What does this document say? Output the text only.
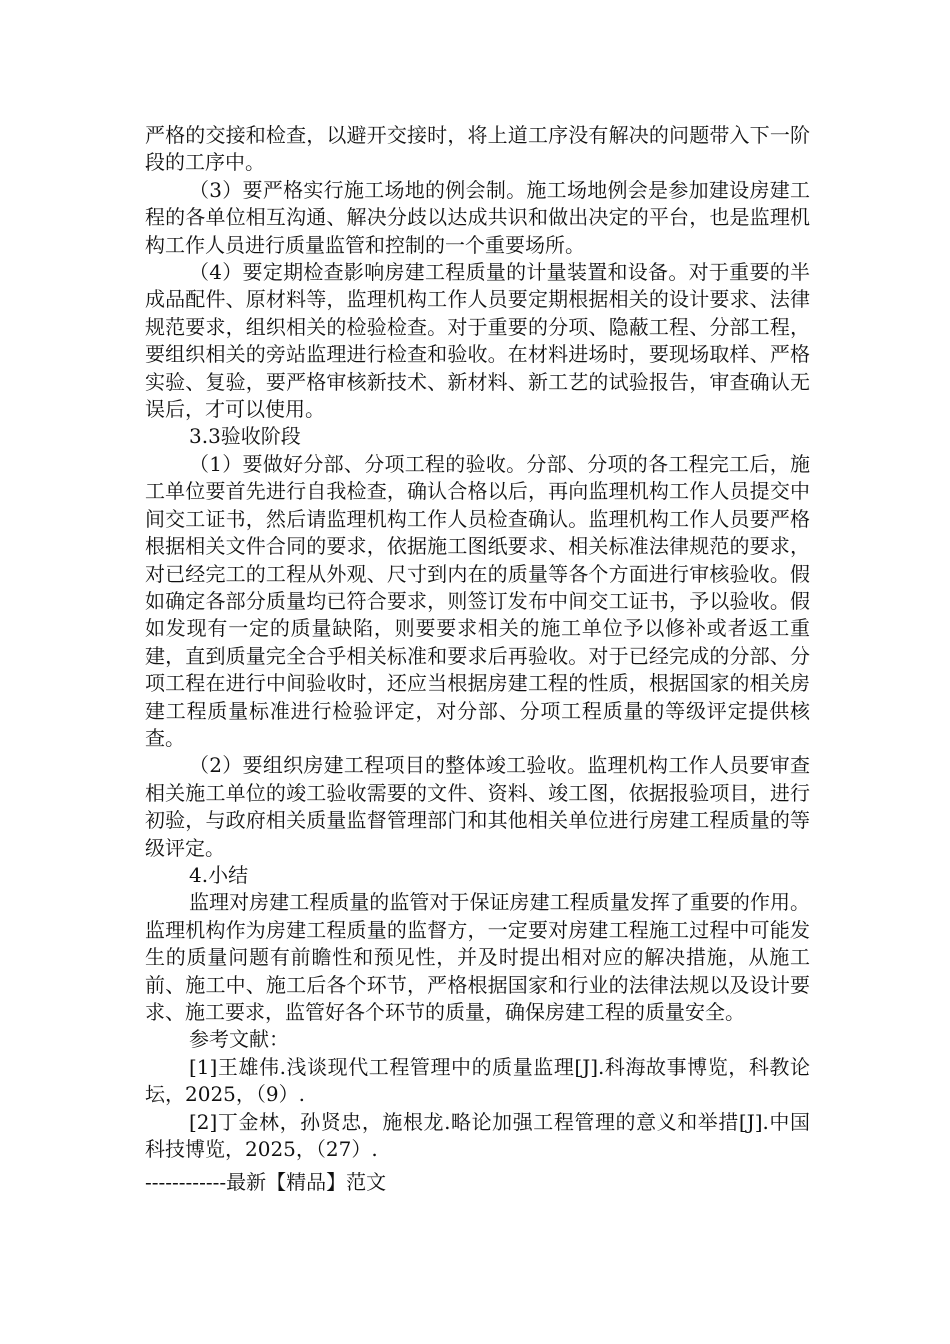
严格的交接和检查，以避开交接时，将上道工序没有解决的问题带入下一阶段的工序中。

（3）要严格实行施工场地的例会制。施工场地例会是参加建设房建工程的各单位相互沟通、解决分歧以达成共识和做出决定的平台，也是监理机构工作人员进行质量监管和控制的一个重要场所。

（4）要定期检查影响房建工程质量的计量装置和设备。对于重要的半成品配件、原材料等，监理机构工作人员要定期根据相关的设计要求、法律规范要求，组织相关的检验检查。对于重要的分项、隐蔽工程、分部工程，要组织相关的旁站监理进行检查和验收。在材料进场时，要现场取样、严格实验、复验，要严格审核新技术、新材料、新工艺的试验报告，审查确认无误后，才可以使用。

3.3验收阶段

（1）要做好分部、分项工程的验收。分部、分项的各工程完工后，施工单位要首先进行自我检查，确认合格以后，再向监理机构工作人员提交中间交工证书，然后请监理机构工作人员检查确认。监理机构工作人员要严格根据相关文件合同的要求，依据施工图纸要求、相关标准法律规范的要求，对已经完工的工程从外观、尺寸到内在的质量等各个方面进行审核验收。假如确定各部分质量均已符合要求，则签订发布中间交工证书，予以验收。假如发现有一定的质量缺陷，则要要求相关的施工单位予以修补或者返工重建，直到质量完全合乎相关标准和要求后再验收。对于已经完成的分部、分项工程在进行中间验收时，还应当根据房建工程的性质，根据国家的相关房建工程质量标准进行检验评定，对分部、分项工程质量的等级评定提供核查。

（2）要组织房建工程项目的整体竣工验收。监理机构工作人员要审查相关施工单位的竣工验收需要的文件、资料、竣工图，依据报验项目，进行初验，与政府相关质量监督管理部门和其他相关单位进行房建工程质量的等级评定。

4.小结

监理对房建工程质量的监管对于保证房建工程质量发挥了重要的作用。监理机构作为房建工程质量的监督方，一定要对房建工程施工过程中可能发生的质量问题有前瞻性和预见性，并及时提出相对应的解决措施，从施工前、施工中、施工后各个环节，严格根据国家和行业的法律法规以及设计要求、施工要求，监管好各个环节的质量，确保房建工程的质量安全。

参考文献：

[1]王雄伟.浅谈现代工程管理中的质量监理[J].科海故事博览，科教论坛，2025，（9）.

[2]丁金林，孙贤忠，施根龙.略论加强工程管理的意义和举措[J].中国科技博览，2025，（27）.

------------最新【精品】范文
